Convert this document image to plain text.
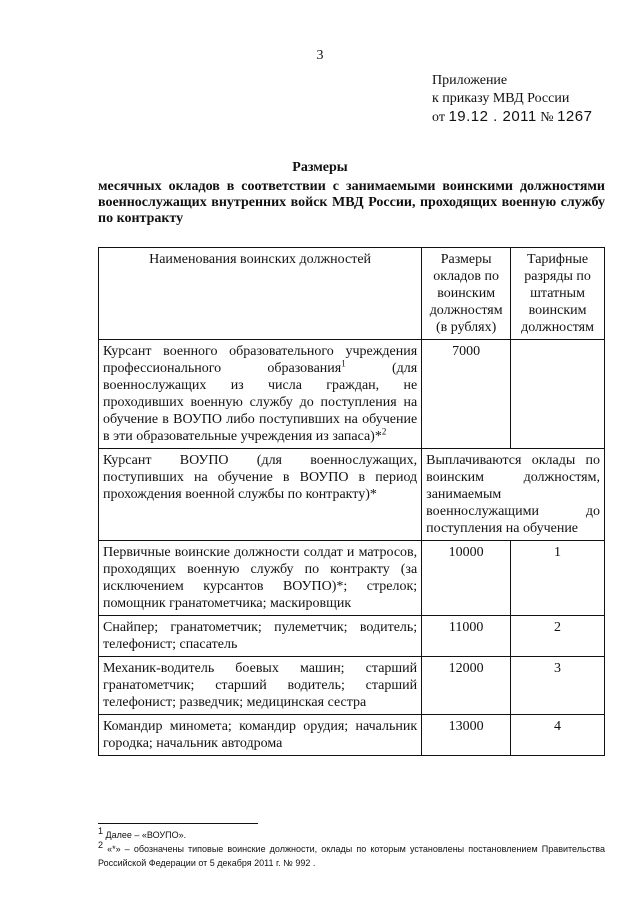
3
Приложение
к приказу МВД России
от 19.12 . 2011 № 1267
Размеры
месячных окладов в соответствии с занимаемыми воинскими должностями военнослужащих внутренних войск МВД России, проходящих военную службу по контракту
Наименования воинских должностей	Размеры окладов по воинским должностям (в рублях)	Тарифные разряды по штатным воинским должностям
Курсант военного образовательного учреждения профессионального образования$^1$ (для военнослужащих из числа граждан, не проходивших военную службу до поступления на обучение в ВОУПО либо поступивших на обучение в эти образовательные учреждения из запаса)*$^2$	7000	
Курсант ВОУПО (для военнослужащих, поступивших на обучение в ВОУПО в период прохождения военной службы по контракту)*	Выплачиваются оклады по воинским должностям, занимаемым военнослужащими до поступления на обучение	
Первичные воинские должности солдат и матросов, проходящих военную службу по контракту (за исключением курсантов ВОУПО)*; стрелок; помощник гранатометчика; маскировщик	10000	1
Снайпер; гранатометчик; пулеметчик; водитель; телефонист; спасатель	11000	2
Механик-водитель боевых машин; старший гранатометчик; старший водитель; старший телефонист; разведчик; медицинская сестра	12000	3
Командир миномета; командир орудия; начальник городка; начальник автодрома	13000	4

$^1$ Далее – «ВОУПО».

$^2$ «*» – обозначены типовые воинские должности, оклады по которым установлены постановлением Правительства Российской Федерации от 5 декабря 2011 г. № 992 .
